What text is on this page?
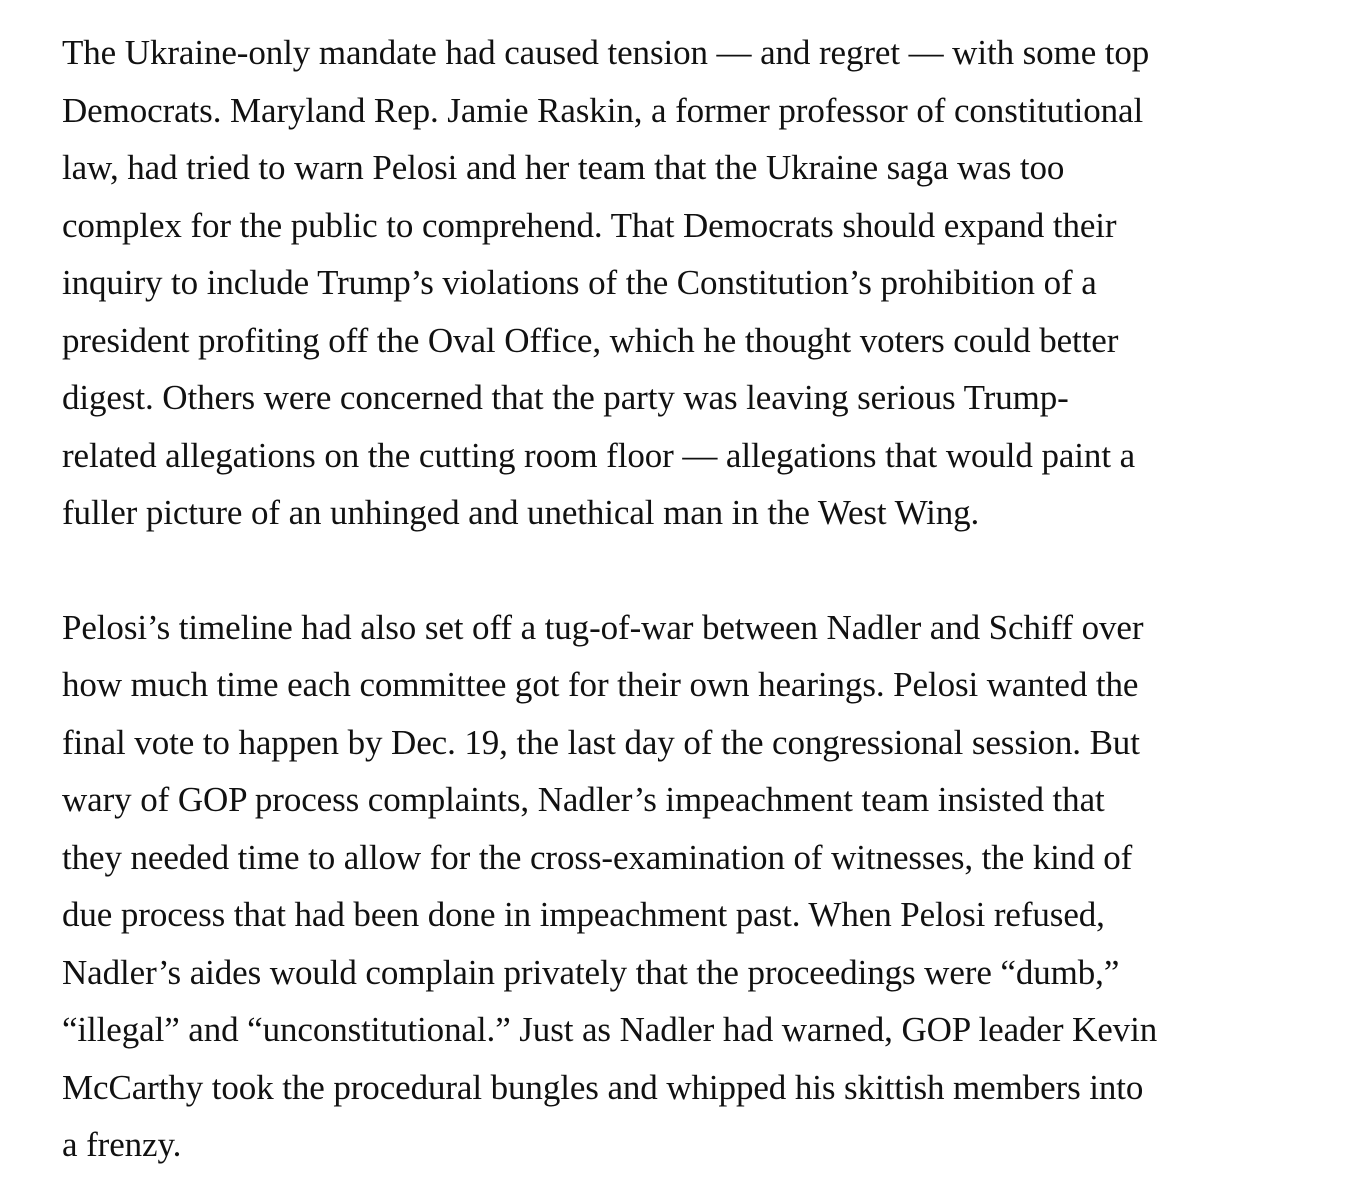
The Ukraine-only mandate had caused tension — and regret — with some top
Democrats. Maryland Rep. Jamie Raskin, a former professor of constitutional
law, had tried to warn Pelosi and her team that the Ukraine saga was too
complex for the public to comprehend. That Democrats should expand their
inquiry to include Trump’s violations of the Constitution’s prohibition of a
president profiting off the Oval Office, which he thought voters could better
digest. Others were concerned that the party was leaving serious Trump-
related allegations on the cutting room floor — allegations that would paint a
fuller picture of an unhinged and unethical man in the West Wing.

Pelosi’s timeline had also set off a tug-of-war between Nadler and Schiff over
how much time each committee got for their own hearings. Pelosi wanted the
final vote to happen by Dec. 19, the last day of the congressional session. But
wary of GOP process complaints, Nadler’s impeachment team insisted that
they needed time to allow for the cross-examination of witnesses, the kind of
due process that had been done in impeachment past. When Pelosi refused,
Nadler’s aides would complain privately that the proceedings were “dumb,”
“illegal” and “unconstitutional.” Just as Nadler had warned, GOP leader Kevin
McCarthy took the procedural bungles and whipped his skittish members into
a frenzy.
